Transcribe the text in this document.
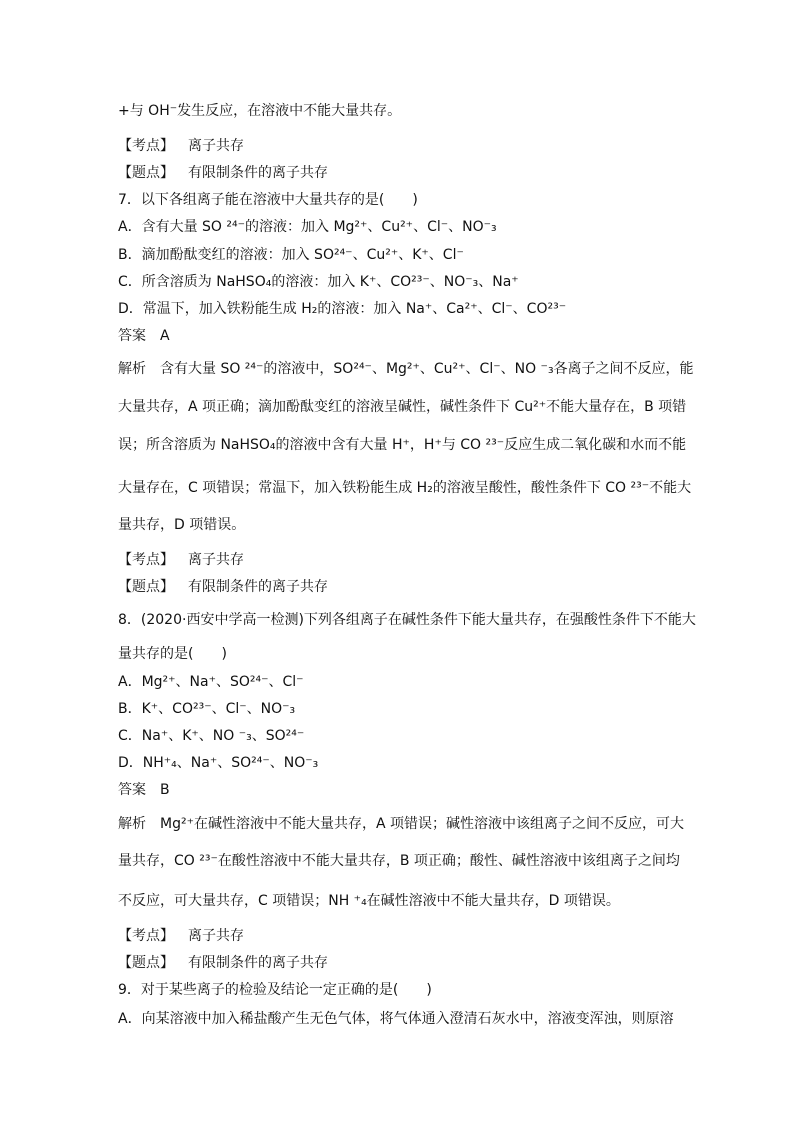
+与 OH⁻发生反应，在溶液中不能大量共存。
【考点】 离子共存
【题点】 有限制条件的离子共存
7．以下各组离子能在溶液中大量共存的是(　　)
A．含有大量 SO ²⁴⁻的溶液：加入 Mg²⁺、Cu²⁺、Cl⁻、NO⁻₃
B．滴加酚酞变红的溶液：加入 SO²⁴⁻、Cu²⁺、K⁺、Cl⁻
C．所含溶质为 NaHSO₄的溶液：加入 K⁺、CO²³⁻、NO⁻₃、Na⁺
D．常温下，加入铁粉能生成 H₂的溶液：加入 Na⁺、Ca²⁺、Cl⁻、CO²³⁻
答案 A
解析　含有大量 SO ²⁴⁻的溶液中，SO²⁴⁻、Mg²⁺、Cu²⁺、Cl⁻、NO ⁻₃各离子之间不反应，能
大量共存，A 项正确；滴加酚酞变红的溶液呈碱性，碱性条件下 Cu²⁺不能大量存在，B 项错
误；所含溶质为 NaHSO₄的溶液中含有大量 H⁺，H⁺与 CO ²³⁻反应生成二氧化碳和水而不能
大量存在，C 项错误；常温下，加入铁粉能生成 H₂的溶液呈酸性，酸性条件下 CO ²³⁻不能大
量共存，D 项错误。
【考点】 离子共存
【题点】 有限制条件的离子共存
8．(2020·西安中学高一检测)下列各组离子在碱性条件下能大量共存，在强酸性条件下不能大
量共存的是(　　)
A．Mg²⁺、Na⁺、SO²⁴⁻、Cl⁻
B．K⁺、CO²³⁻、Cl⁻、NO⁻₃
C．Na⁺、K⁺、NO ⁻₃、SO²⁴⁻
D．NH⁺₄、Na⁺、SO²⁴⁻、NO⁻₃
答案 B
解析　Mg²⁺在碱性溶液中不能大量共存，A 项错误；碱性溶液中该组离子之间不反应，可大
量共存，CO ²³⁻在酸性溶液中不能大量共存，B 项正确；酸性、碱性溶液中该组离子之间均
不反应，可大量共存，C 项错误；NH ⁺₄在碱性溶液中不能大量共存，D 项错误。
【考点】 离子共存
【题点】 有限制条件的离子共存
9．对于某些离子的检验及结论一定正确的是(　　)
A．向某溶液中加入稀盐酸产生无色气体，将气体通入澄清石灰水中，溶液变浑浊，则原溶
